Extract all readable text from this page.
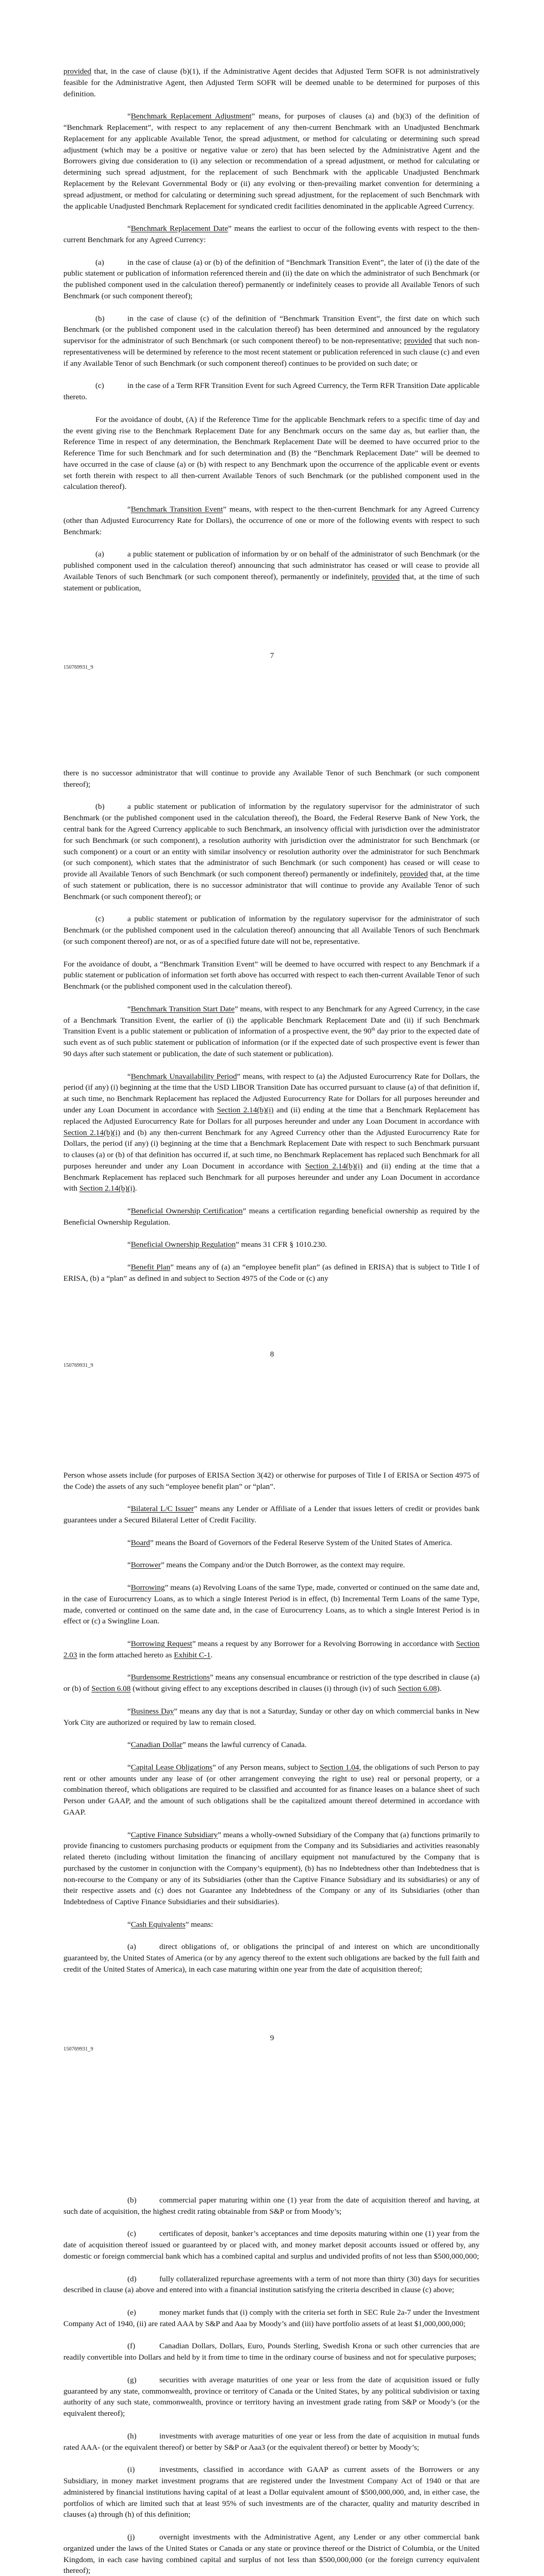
provided that, in the case of clause (b)(1), if the Administrative Agent decides that Adjusted Term SOFR is not administratively feasible for the Administrative Agent, then Adjusted Term SOFR will be deemed unable to be determined for purposes of this definition.

“Benchmark Replacement Adjustment” means, for purposes of clauses (a) and (b)(3) of the definition of “Benchmark Replacement”, with respect to any replacement of any then-current Benchmark with an Unadjusted Benchmark Replacement for any applicable Available Tenor, the spread adjustment, or method for calculating or determining such spread adjustment (which may be a positive or negative value or zero) that has been selected by the Administrative Agent and the Borrowers giving due consideration to (i) any selection or recommendation of a spread adjustment, or method for calculating or determining such spread adjustment, for the replacement of such Benchmark with the applicable Unadjusted Benchmark Replacement by the Relevant Governmental Body or (ii) any evolving or then-prevailing market convention for determining a spread adjustment, or method for calculating or determining such spread adjustment, for the replacement of such Benchmark with the applicable Unadjusted Benchmark Replacement for syndicated credit facilities denominated in the applicable Agreed Currency.

“Benchmark Replacement Date” means the earliest to occur of the following events with respect to the then-current Benchmark for any Agreed Currency:

(a)	in the case of clause (a) or (b) of the definition of “Benchmark Transition Event”, the later of (i) the date of the public statement or publication of information referenced therein and (ii) the date on which the administrator of such Benchmark (or the published component used in the calculation thereof) permanently or indefinitely ceases to provide all Available Tenors of such Benchmark (or such component thereof);

(b)	in the case of clause (c) of the definition of “Benchmark Transition Event”, the first date on which such Benchmark (or the published component used in the calculation thereof) has been determined and announced by the regulatory supervisor for the administrator of such Benchmark (or such component thereof) to be non-representative; provided that such non-representativeness will be determined by reference to the most recent statement or publication referenced in such clause (c) and even if any Available Tenor of such Benchmark (or such component thereof) continues to be provided on such date; or

(c)	in the case of a Term RFR Transition Event for such Agreed Currency, the Term RFR Transition Date applicable thereto.

For the avoidance of doubt, (A) if the Reference Time for the applicable Benchmark refers to a specific time of day and the event giving rise to the Benchmark Replacement Date for any Benchmark occurs on the same day as, but earlier than, the Reference Time in respect of any determination, the Benchmark Replacement Date will be deemed to have occurred prior to the Reference Time for such Benchmark and for such determination and (B) the “Benchmark Replacement Date” will be deemed to have occurred in the case of clause (a) or (b) with respect to any Benchmark upon the occurrence of the applicable event or events set forth therein with respect to all then-current Available Tenors of such Benchmark (or the published component used in the calculation thereof).

“Benchmark Transition Event” means, with respect to the then-current Benchmark for any Agreed Currency (other than Adjusted Eurocurrency Rate for Dollars), the occurrence of one or more of the following events with respect to such Benchmark:

(a)	a public statement or publication of information by or on behalf of the administrator of such Benchmark (or the published component used in the calculation thereof) announcing that such administrator has ceased or will cease to provide all Available Tenors of such Benchmark (or such component thereof), permanently or indefinitely, provided that, at the time of such statement or publication,

7
150769931_9

there is no successor administrator that will continue to provide any Available Tenor of such Benchmark (or such component thereof);

(b)	a public statement or publication of information by the regulatory supervisor for the administrator of such Benchmark (or the published component used in the calculation thereof), the Board, the Federal Reserve Bank of New York, the central bank for the Agreed Currency applicable to such Benchmark, an insolvency official with jurisdiction over the administrator for such Benchmark (or such component), a resolution authority with jurisdiction over the administrator for such Benchmark (or such component) or a court or an entity with similar insolvency or resolution authority over the administrator for such Benchmark (or such component), which states that the administrator of such Benchmark (or such component) has ceased or will cease to provide all Available Tenors of such Benchmark (or such component thereof) permanently or indefinitely, provided that, at the time of such statement or publication, there is no successor administrator that will continue to provide any Available Tenor of such Benchmark (or such component thereof); or

(c)	a public statement or publication of information by the regulatory supervisor for the administrator of such Benchmark (or the published component used in the calculation thereof) announcing that all Available Tenors of such Benchmark (or such component thereof) are not, or as of a specified future date will not be, representative.

For the avoidance of doubt, a “Benchmark Transition Event” will be deemed to have occurred with respect to any Benchmark if a public statement or publication of information set forth above has occurred with respect to each then-current Available Tenor of such Benchmark (or the published component used in the calculation thereof).

“Benchmark Transition Start Date” means, with respect to any Benchmark for any Agreed Currency, in the case of a Benchmark Transition Event, the earlier of (i) the applicable Benchmark Replacement Date and (ii) if such Benchmark Transition Event is a public statement or publication of information of a prospective event, the 90th day prior to the expected date of such event as of such public statement or publication of information (or if the expected date of such prospective event is fewer than 90 days after such statement or publication, the date of such statement or publication).

“Benchmark Unavailability Period” means, with respect to (a) the Adjusted Eurocurrency Rate for Dollars, the period (if any) (i) beginning at the time that the USD LIBOR Transition Date has occurred pursuant to clause (a) of that definition if, at such time, no Benchmark Replacement has replaced the Adjusted Eurocurrency Rate for Dollars for all purposes hereunder and under any Loan Document in accordance with Section 2.14(b)(i) and (ii) ending at the time that a Benchmark Replacement has replaced the Adjusted Eurocurrency Rate for Dollars for all purposes hereunder and under any Loan Document in accordance with Section 2.14(b)(i) and (b) any then-current Benchmark for any Agreed Currency other than the Adjusted Eurocurrency Rate for Dollars, the period (if any) (i) beginning at the time that a Benchmark Replacement Date with respect to such Benchmark pursuant to clauses (a) or (b) of that definition has occurred if, at such time, no Benchmark Replacement has replaced such Benchmark for all purposes hereunder and under any Loan Document in accordance with Section 2.14(b)(i) and (ii) ending at the time that a Benchmark Replacement has replaced such Benchmark for all purposes hereunder and under any Loan Document in accordance with Section 2.14(b)(i).

“Beneficial Ownership Certification” means a certification regarding beneficial ownership as required by the Beneficial Ownership Regulation.

“Beneficial Ownership Regulation” means 31 CFR § 1010.230.

“Benefit Plan” means any of (a) an “employee benefit plan” (as defined in ERISA) that is subject to Title I of ERISA, (b) a “plan” as defined in and subject to Section 4975 of the Code or (c) any

8
150769931_9

Person whose assets include (for purposes of ERISA Section 3(42) or otherwise for purposes of Title I of ERISA or Section 4975 of the Code) the assets of any such “employee benefit plan” or “plan”.

“Bilateral L/C Issuer” means any Lender or Affiliate of a Lender that issues letters of credit or provides bank guarantees under a Secured Bilateral Letter of Credit Facility.

“Board” means the Board of Governors of the Federal Reserve System of the United States of America.

“Borrower” means the Company and/or the Dutch Borrower, as the context may require.

“Borrowing” means (a) Revolving Loans of the same Type, made, converted or continued on the same date and, in the case of Eurocurrency Loans, as to which a single Interest Period is in effect, (b) Incremental Term Loans of the same Type, made, converted or continued on the same date and, in the case of Eurocurrency Loans, as to which a single Interest Period is in effect or (c) a Swingline Loan.

“Borrowing Request” means a request by any Borrower for a Revolving Borrowing in accordance with Section 2.03 in the form attached hereto as Exhibit C-1.

“Burdensome Restrictions” means any consensual encumbrance or restriction of the type described in clause (a) or (b) of Section 6.08 (without giving effect to any exceptions described in clauses (i) through (iv) of such Section 6.08).

“Business Day” means any day that is not a Saturday, Sunday or other day on which commercial banks in New York City are authorized or required by law to remain closed.

“Canadian Dollar” means the lawful currency of Canada.

“Capital Lease Obligations” of any Person means, subject to Section 1.04, the obligations of such Person to pay rent or other amounts under any lease of (or other arrangement conveying the right to use) real or personal property, or a combination thereof, which obligations are required to be classified and accounted for as finance leases on a balance sheet of such Person under GAAP, and the amount of such obligations shall be the capitalized amount thereof determined in accordance with GAAP.

“Captive Finance Subsidiary” means a wholly-owned Subsidiary of the Company that (a) functions primarily to provide financing to customers purchasing products or equipment from the Company and its Subsidiaries and activities reasonably related thereto (including without limitation the financing of ancillary equipment not manufactured by the Company that is purchased by the customer in conjunction with the Company’s equipment), (b) has no Indebtedness other than Indebtedness that is non-recourse to the Company or any of its Subsidiaries (other than the Captive Finance Subsidiary and its subsidiaries) or any of their respective assets and (c) does not Guarantee any Indebtedness of the Company or any of its Subsidiaries (other than Indebtedness of Captive Finance Subsidiaries and their subsidiaries).

“Cash Equivalents” means:

(a)	direct obligations of, or obligations the principal of and interest on which are unconditionally guaranteed by, the United States of America (or by any agency thereof to the extent such obligations are backed by the full faith and credit of the United States of America), in each case maturing within one year from the date of acquisition thereof;

9
150769931_9

(b)	commercial paper maturing within one (1) year from the date of acquisition thereof and having, at such date of acquisition, the highest credit rating obtainable from S&P or from Moody’s;

(c)	certificates of deposit, banker’s acceptances and time deposits maturing within one (1) year from the date of acquisition thereof issued or guaranteed by or placed with, and money market deposit accounts issued or offered by, any domestic or foreign commercial bank which has a combined capital and surplus and undivided profits of not less than $500,000,000;

(d)	fully collateralized repurchase agreements with a term of not more than thirty (30) days for securities described in clause (a) above and entered into with a financial institution satisfying the criteria described in clause (c) above;

(e)	money market funds that (i) comply with the criteria set forth in SEC Rule 2a-7 under the Investment Company Act of 1940, (ii) are rated AAA by S&P and Aaa by Moody’s and (iii) have portfolio assets of at least $1,000,000,000;

(f)	Canadian Dollars, Dollars, Euro, Pounds Sterling, Swedish Krona or such other currencies that are readily convertible into Dollars and held by it from time to time in the ordinary course of business and not for speculative purposes;

(g)	securities with average maturities of one year or less from the date of acquisition issued or fully guaranteed by any state, commonwealth, province or territory of Canada or the United States, by any political subdivision or taxing authority of any such state, commonwealth, province or territory having an investment grade rating from S&P or Moody’s (or the equivalent thereof);

(h)	investments with average maturities of one year or less from the date of acquisition in mutual funds rated AAA- (or the equivalent thereof) or better by S&P or Aaa3 (or the equivalent thereof) or better by Moody’s;

(i)	investments, classified in accordance with GAAP as current assets of the Borrowers or any Subsidiary, in money market investment programs that are registered under the Investment Company Act of 1940 or that are administered by financial institutions having capital of at least a Dollar equivalent amount of $500,000,000, and, in either case, the portfolios of which are limited such that at least 95% of such investments are of the character, quality and maturity described in clauses (a) through (h) of this definition;

(j)	overnight investments with the Administrative Agent, any Lender or any other commercial bank organized under the laws of the United States or Canada or any state or province thereof or the District of Columbia, or the United Kingdom, in each case having combined capital and surplus of not less than $500,000,000 (or the foreign currency equivalent thereof);
